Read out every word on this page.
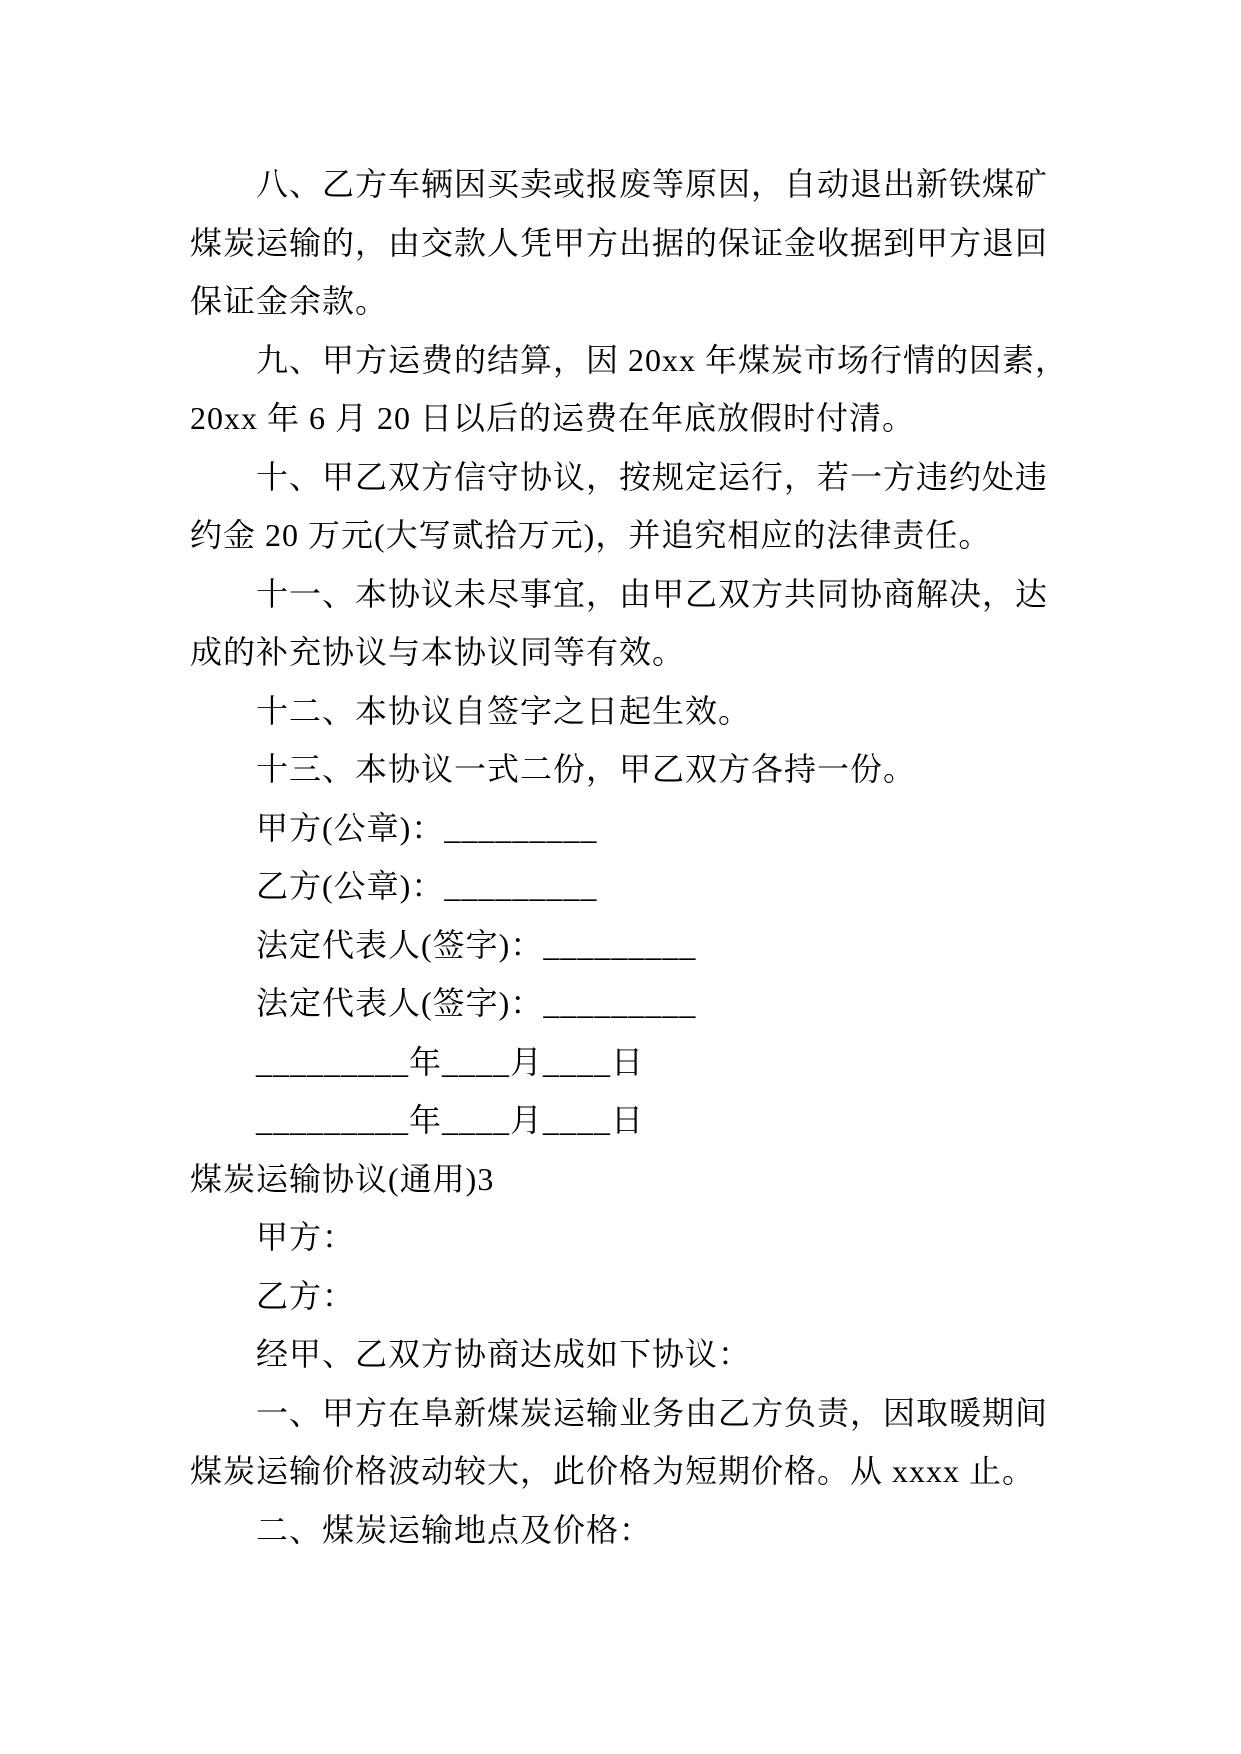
八、乙方车辆因买卖或报废等原因，自动退出新铁煤矿
煤炭运输的，由交款人凭甲方出据的保证金收据到甲方退回
保证金余款。
九、甲方运费的结算，因 20xx 年煤炭市场行情的因素，
20xx 年 6 月 20 日以后的运费在年底放假时付清。
十、甲乙双方信守协议，按规定运行，若一方违约处违
约金 20 万元(大写贰拾万元)，并追究相应的法律责任。
十一、本协议未尽事宜，由甲乙双方共同协商解决，达
成的补充协议与本协议同等有效。
十二、本协议自签字之日起生效。
十三、本协议一式二份，甲乙双方各持一份。
甲方(公章)：_________
乙方(公章)：_________
法定代表人(签字)：_________
法定代表人(签字)：_________
_________年____月____日
_________年____月____日
煤炭运输协议(通用)3
甲方：
乙方：
经甲、乙双方协商达成如下协议：
一、甲方在阜新煤炭运输业务由乙方负责，因取暖期间
煤炭运输价格波动较大，此价格为短期价格。从 xxxx 止。
二、煤炭运输地点及价格：
